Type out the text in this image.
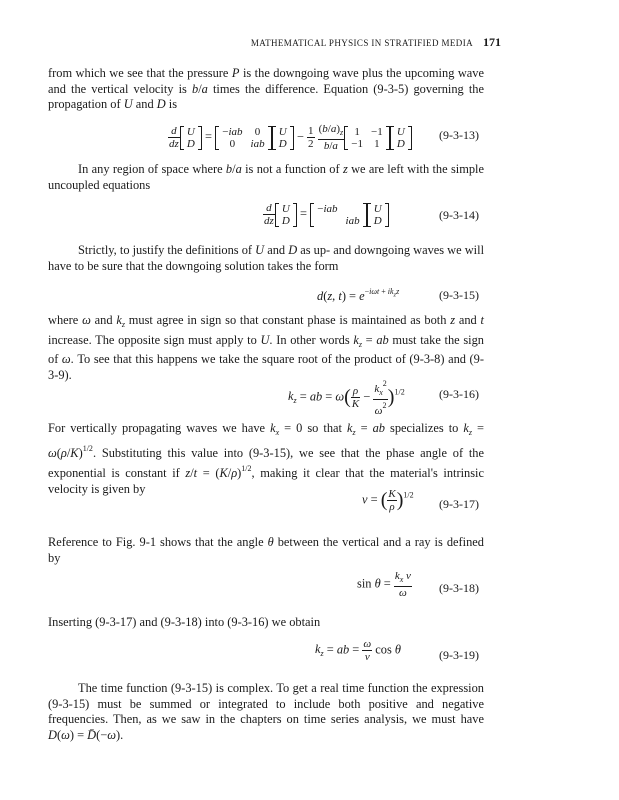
MATHEMATICAL PHYSICS IN STRATIFIED MEDIA 171

from which we see that the pressure P is the downgoing wave plus the upcoming wave and the vertical velocity is b/a times the difference. Equation (9-3-5) governing the propagation of U and D is

$\frac{d}{dz}$
U
D
= −iab	0
0	iab

U
D
− $\frac{1}{2}$
$\frac{(b/a)_z}{b/a}$
1	−1
−1	1

U
D
(9-3-13)

In any region of space where b/a is not a function of z we are left with the simple uncoupled equations

$\frac{d}{dz}$
U
D
= −iab	
	iab

U
D	(9-3-14)

Strictly, to justify the definitions of U and D as up- and downgoing waves we will have to be sure that the downgoing solution takes the form

d(z, $t) = e^{-i\omega t + ik_zz}$	(9-3-15)

where ω and $k_z$ must agree in sign so that constant phase is maintained as both z and t increase. The opposite sign must apply to U. In other words $k_z$ = ab must take the sign of ω. To see that this happens we take the square root of the product of (9-3-8) and (9-3-9).

$k_z$ = ab = $\omega( \frac{\rho}{K} - \frac{k_x^2}{\omega^2} )^{1/2}$	(9-3-16)

For vertically propagating waves we have $k_x = 0$ so that $k_z$ = ab specializes to $k_z = \omega(\rho/K)^{1/2}$. Substituting this value into (9-3-15), we see that the phase angle of the exponential is constant if $z/t = (K/\rho)^{1/2}$, making it clear that the material's intrinsic velocity is given by

v = ( $\frac{K}{\rho} )^{1/2}$
(9-3-17)

Reference to Fig. 9-1 shows that the angle θ between the vertical and a ray is defined by

$\sin \theta = \frac{k_x v}{\omega} (9-3-18)$

Inserting (9-3-17) and (9-3-18) into (9-3-16) we obtain

$k_z$ = ab = $\frac{\omega}{v}$ cos θ	(9-3-19)

The time function (9-3-15) is complex. To get a real time function the expression (9-3-15) must be summed or integrated to include both positive and negative frequencies. Then, as we saw in the chapters on time series analysis, we must have D(ω) = D̄(−ω).
